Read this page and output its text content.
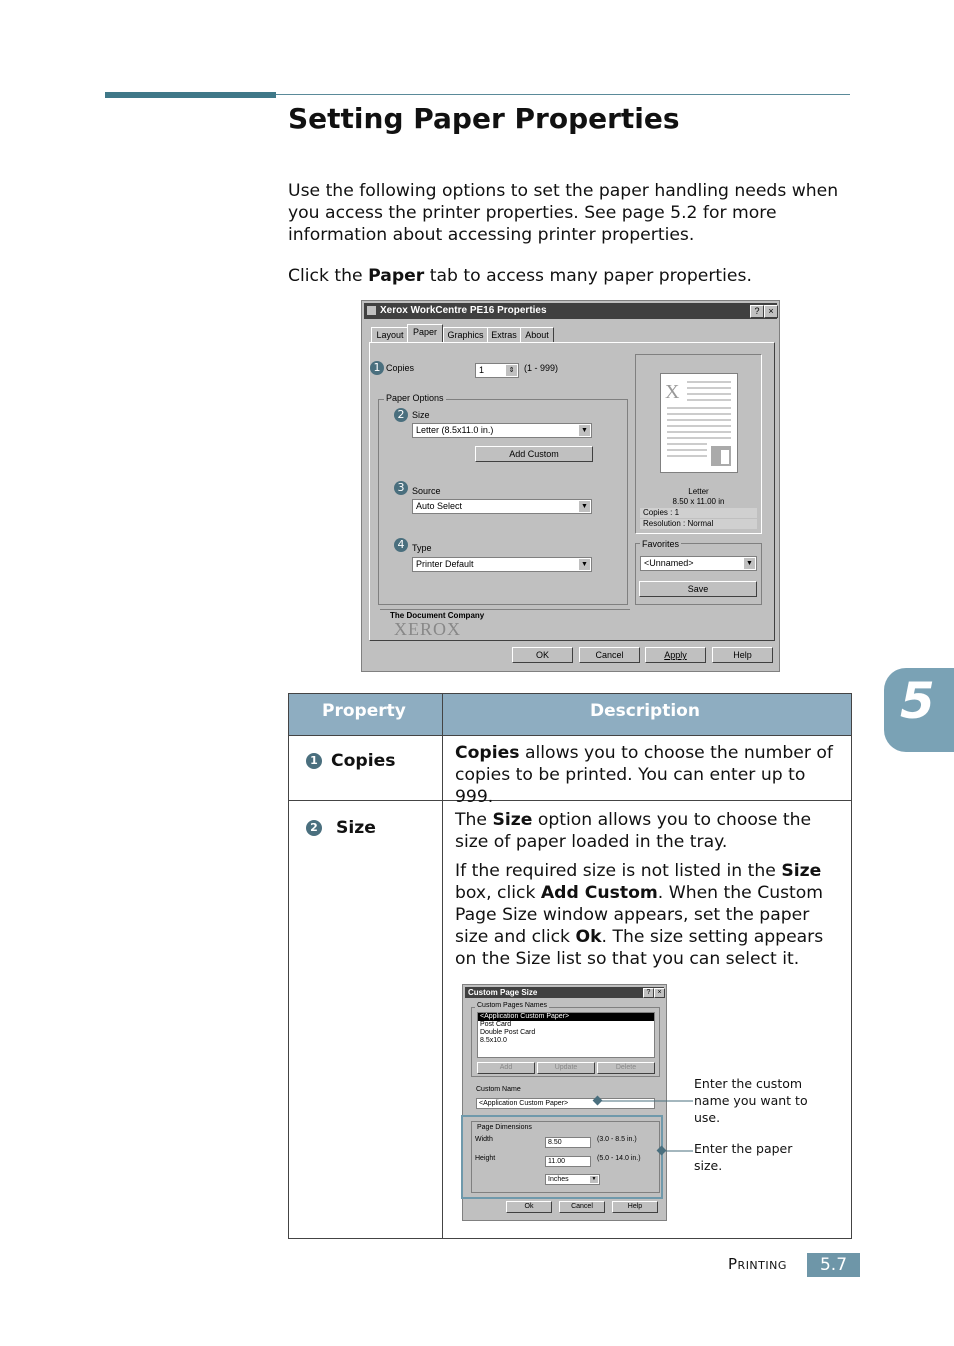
Setting Paper Properties
Use the following options to set the paper handling needs when you access the printer properties. See page 5.2 for more information about accessing printer properties.
Click the Paper tab to access many paper properties.
Xerox WorkCentre PE16 Properties	? ×
Layout	Paper	Graphics Extras About
1 Copies	1	⇕ (1 - 999)
Paper Options
2 Size
Letter (8.5x11.0 in.)	▼
Add Custom
3 Source
Auto Select	▼
4 Type
Printer Default	▼
The Document Company
XEROX
X
Letter
8.50 x 11.00 in
Copies : 1
Resolution : Normal
Favorites
<Unnamed>	▼
Save
OK	Cancel	Apply	Help
Property	Description
1 Copies	Copies allows you to choose the number of copies to be printed. You can enter up to 999.
2 Size	The Size option allows you to choose the size of paper loaded in the tray.
If the required size is not listed in the Size box, click Add Custom. When the Custom Page Size window appears, set the paper size and click Ok. The size setting appears on the Size list so that you can select it.
Custom Page Size	?	×
Custom Pages Names
<Application Custom Paper>
Post Card
Double Post Card
8.5x10.0
Add	Update	Delete
Custom Name
<Application Custom Paper>
Page Dimensions
Width	8.50	(3.0 - 8.5 in.)
Height	11.00	(5.0 - 14.0 in.)
Inches	▼
Ok	Cancel	Help
Enter the custom name you want to use.
Enter the paper size.
5
Printing	5.7
